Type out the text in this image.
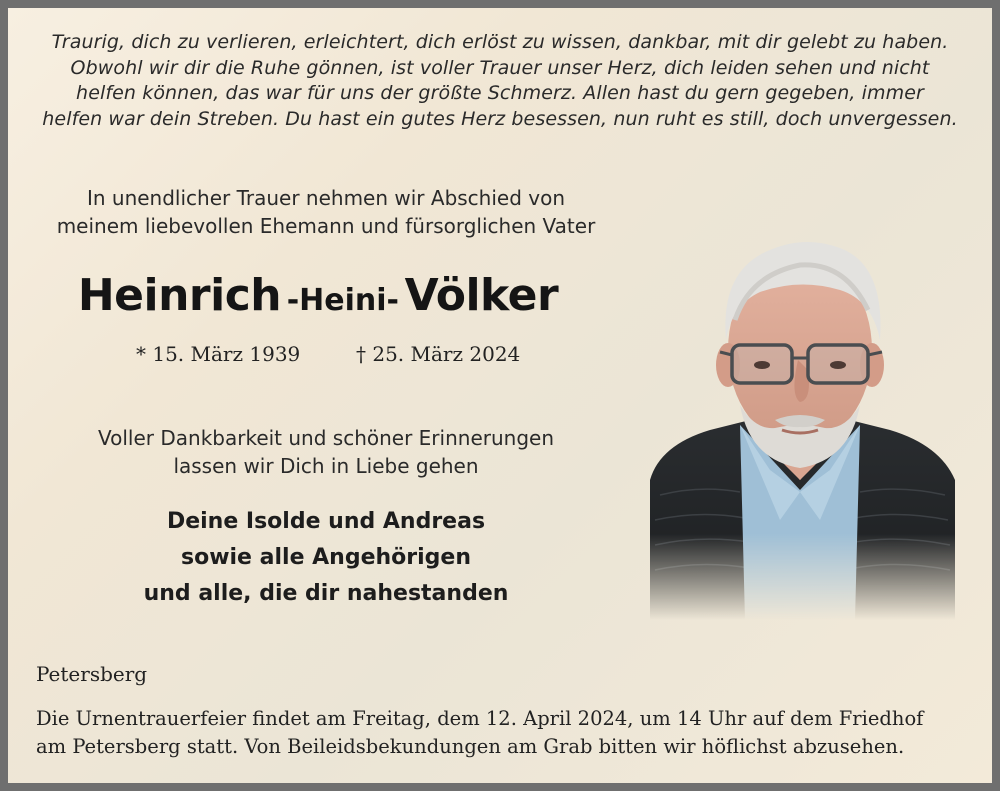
Traurig, dich zu verlieren, erleichtert, dich erlöst zu wissen, dankbar, mit dir gelebt zu haben.
Obwohl wir dir die Ruhe gönnen, ist voller Trauer unser Herz, dich leiden sehen und nicht
helfen können, das war für uns der größte Schmerz. Allen hast du gern gegeben, immer
helfen war dein Streben. Du hast ein gutes Herz besessen, nun ruht es still, doch unvergessen.
In unendlicher Trauer nehmen wir Abschied von
meinem liebevollen Ehemann und fürsorglichen Vater
Heinrich -Heini- Völker
* 15. März 1939	† 25. März 2024
Voller Dankbarkeit und schöner Erinnerungen
lassen wir Dich in Liebe gehen
Deine Isolde und Andreas
sowie alle Angehörigen
und alle, die dir nahestanden
Petersberg
Die Urnentrauerfeier findet am Freitag, dem 12. April 2024, um 14 Uhr auf dem Friedhof
am Petersberg statt. Von Beileidsbekundungen am Grab bitten wir höflichst abzusehen.
